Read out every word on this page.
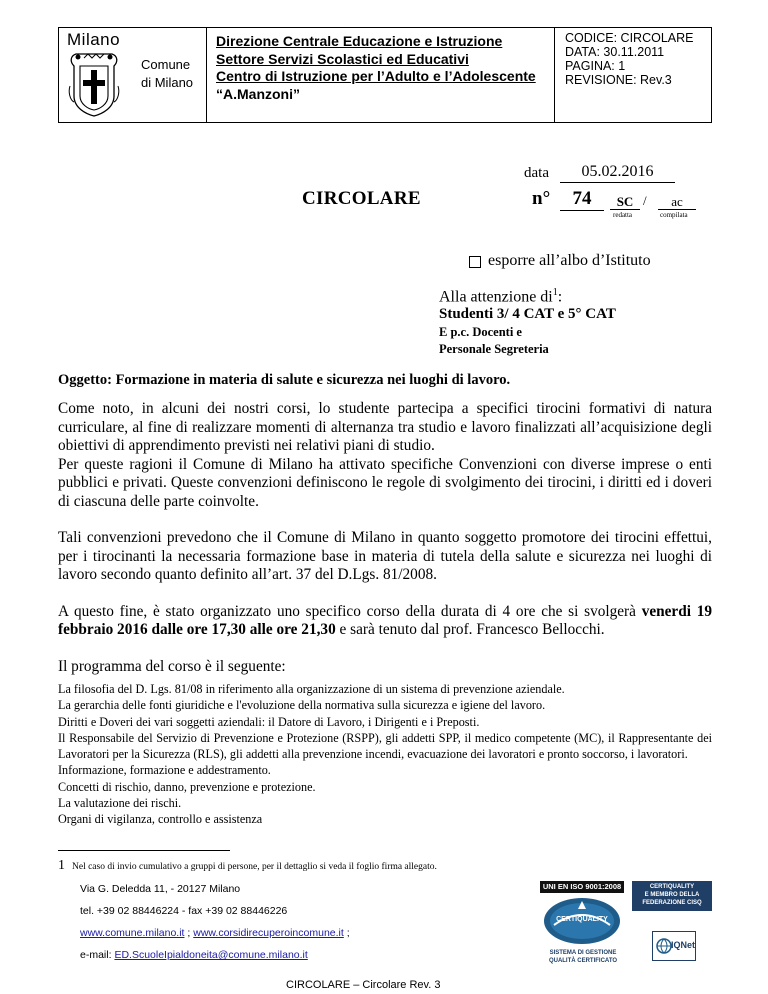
Milano
Comune
di Milano
Direzione Centrale Educazione e Istruzione
Settore Servizi Scolastici ed Educativi
Centro di Istruzione per l’Adulto e l’Adolescente
“A.Manzoni”
CODICE: CIRCOLARE
DATA: 30.11.2011
PAGINA: 1
REVISIONE: Rev.3
data	05.02.2016
CIRCOLARE	n°	74	SC /	ac
redatta	compilata
esporre all’albo d’Istituto
Alla attenzione $di^1$:
Studenti 3/ 4 CAT e 5° CAT
E p.c. Docenti e
Personale Segreteria
Oggetto: Formazione in materia di salute e sicurezza nei luoghi di lavoro.

Come noto, in alcuni dei nostri corsi, lo studente partecipa a specifici tirocini formativi di natura curriculare, al fine di realizzare momenti di alternanza tra studio e lavoro finalizzati all’acquisizione degli obiettivi di apprendimento previsti nei relativi piani di studio.

Per queste ragioni il Comune di Milano ha attivato specifiche Convenzioni con diverse imprese o enti pubblici e privati. Queste convenzioni definiscono le regole di svolgimento dei tirocini, i diritti ed i doveri di ciascuna delle parte coinvolte.

Tali convenzioni prevedono che il Comune di Milano in quanto soggetto promotore dei tirocini effettui, per i tirocinanti la necessaria formazione base in materia di tutela della salute e sicurezza nei luoghi di lavoro secondo quanto definito all’art. 37 del D.Lgs. 81/2008.

A questo fine, è stato organizzato uno specifico corso della durata di 4 ore che si svolgerà venerdi 19 febbraio 2016 dalle ore 17,30 alle ore 21,30 e sarà tenuto dal prof. Francesco Bellocchi.

Il programma del corso è il seguente:

La filosofia del D. Lgs. 81/08 in riferimento alla organizzazione di un sistema di prevenzione aziendale.
La gerarchia delle fonti giuridiche e l'evoluzione della normativa sulla sicurezza e igiene del lavoro.
Diritti e Doveri dei vari soggetti aziendali: il Datore di Lavoro, i Dirigenti e i Preposti.
Il Responsabile del Servizio di Prevenzione e Protezione (RSPP), gli addetti SPP, il medico competente (MC), il Rappresentante dei Lavoratori per la Sicurezza (RLS), gli addetti alla prevenzione incendi, evacuazione dei lavoratori e pronto soccorso, i lavoratori.
Informazione, formazione e addestramento.
Concetti di rischio, danno, prevenzione e protezione.
La valutazione dei rischi.
Organi di vigilanza, controllo e assistenza
1 Nel caso di invio cumulativo a gruppi di persone, per il dettaglio si veda il foglio firma allegato.
Via G. Deledda 11, - 20127 Milano
tel. +39 02 88446224 - fax +39 02 88446226
www.comune.milano.it ; www.corsidirecuperoincomune.it ;
e-mail: ED.ScuoleIpialdoneita@comune.milano.it
UNI EN ISO 9001:2008
CERTIQUALITY
SISTEMA DI GESTIONE
QUALITÀ CERTIFICATO
CERTIQUALITY
E MEMBRO DELLA
FEDERAZIONE CISQ
IQNet
CIRCOLARE – Circolare Rev. 3
